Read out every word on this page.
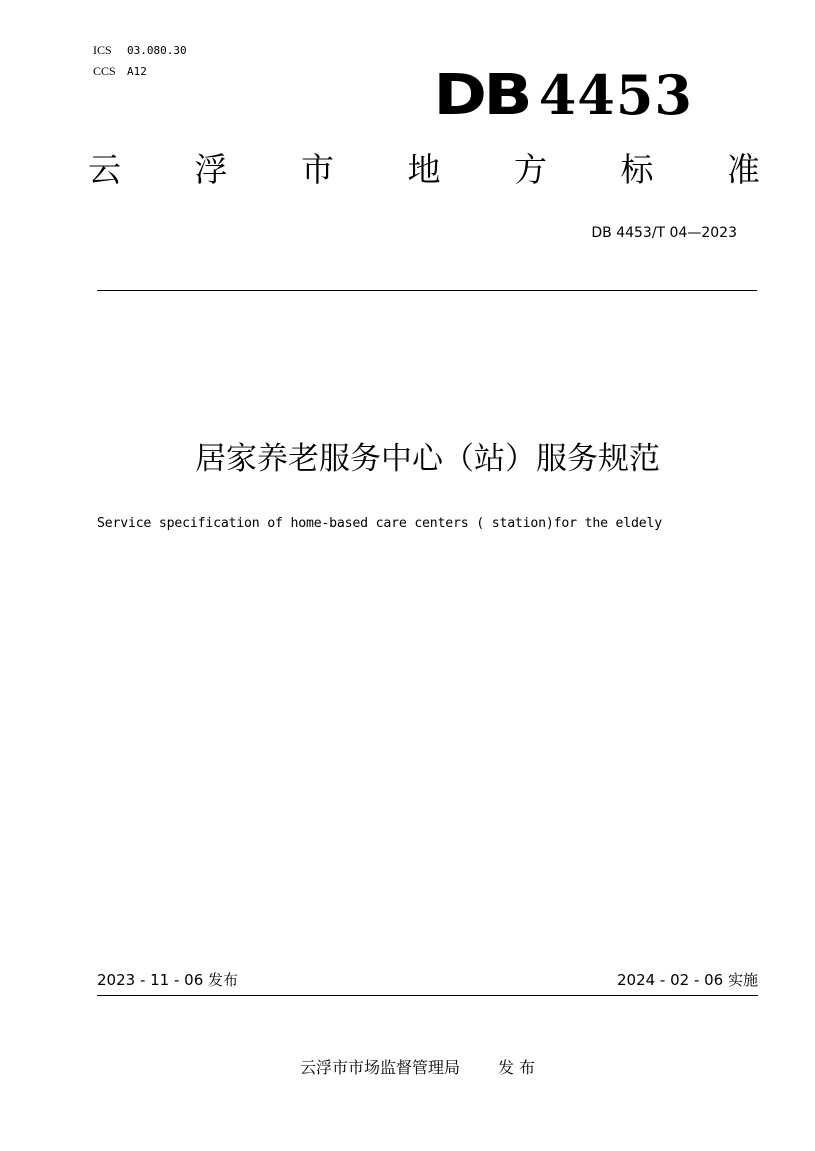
ICS 03.080.30
CCS A12	DB 4453
云 浮 市 地 方 标 准
DB 4453/T 04—2023
居家养老服务中心（站）服务规范
Service specification of home-based care centers ( station)for the eldely
2023 - 11 - 06 发布	2024 - 02 - 06 实施
云浮市市场监督管理局 发 布
